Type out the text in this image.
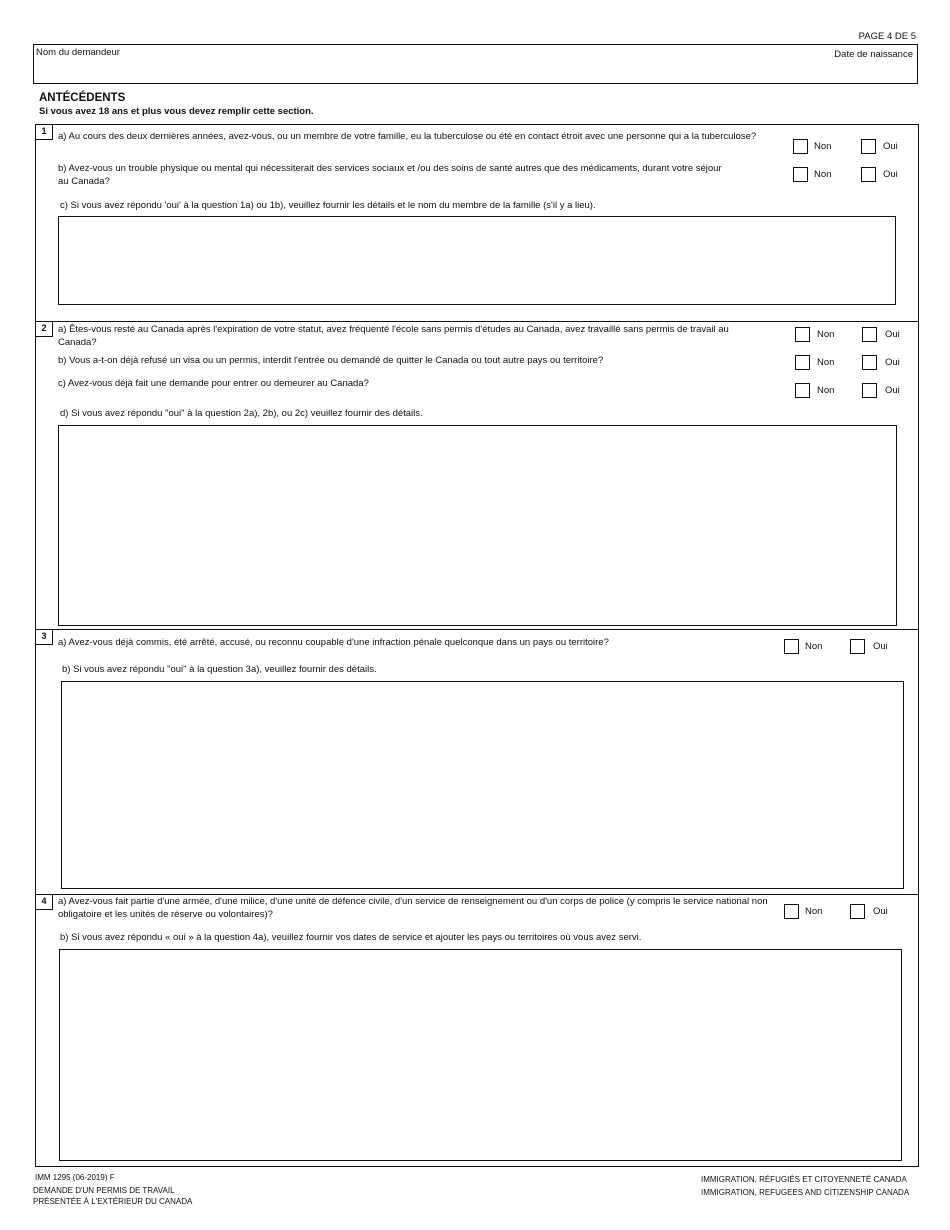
PAGE 4 DE 5
Nom du demandeur	Date de naissance
ANTÉCÉDENTS
Si vous avez 18 ans et plus vous devez remplir cette section.
1	a) Au cours des deux dernières années, avez-vous, ou un membre de votre famille, eu la tuberculose ou été en contact étroit avec une personne qui a la tuberculose?
Non	Oui
b) Avez-vous un trouble physique ou mental qui nécessiterait des services sociaux et /ou des soins de santé autres que des médicaments, durant votre séjour au Canada?
Non	Oui
c) Si vous avez répondu 'oui' à la question 1a) ou 1b), veuillez fournir les détails et le nom du membre de la famille (s'il y a lieu).
2	a) Êtes-vous resté au Canada après l'expiration de votre statut, avez fréquenté l'école sans permis d'études au Canada, avez travaillé sans permis de travail au Canada?
Non	Oui
b) Vous a-t-on déjà refusé un visa ou un permis, interdit l'entrée ou demandé de quitter le Canada ou tout autre pays ou territoire?	Non	Oui
c) Avez-vous déjà fait une demande pour entrer ou demeurer au Canada?
Non	Oui
d) Si vous avez répondu "oui" à la question 2a), 2b), ou 2c) veuillez fournir des détails.
3
a) Avez-vous déjà commis, été arrêté, accusé, ou reconnu coupable d'une infraction pénale quelconque dans un pays ou territoire?	Non	Oui
b) Si vous avez répondu "oui" à la question 3a), veuillez fournir des détails.
4	a) Avez-vous fait partie d'une armée, d'une milice, d'une unité de défence civile, d'un service de renseignement ou d'un corps de police (y compris le service national non obligatoire et les unités de réserve ou volontaires)?	Non	Oui
b) Si vous avez répondu « oui » à la question 4a), veuillez fournir vos dates de service et ajouter les pays ou territoires où vous avez servi.
IMM 1295 (06-2019) F
DEMANDE D'UN PERMIS DE TRAVAIL
PRÉSENTÉE À L'EXTÉRIEUR DU CANADA
IMMIGRATION, RÉFUGIÉS ET CITOYENNETÉ CANADA
IMMIGRATION, REFUGEES AND CITIZENSHIP CANADA
